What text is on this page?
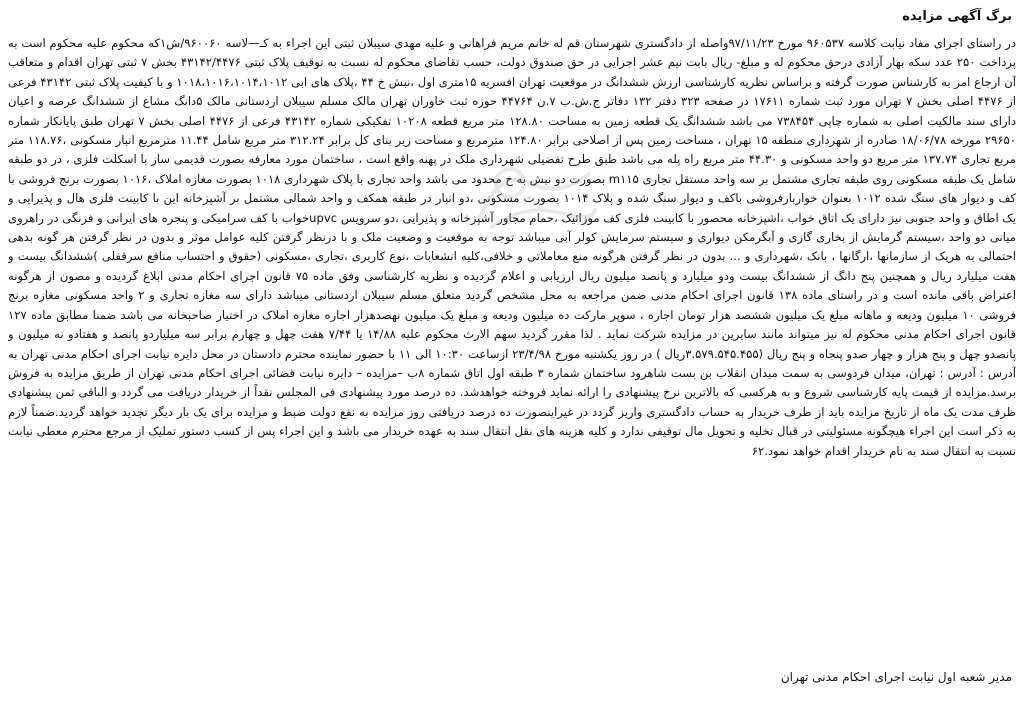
برگ آگهی مزایده

در راستای اجرای مفاد نیابت کلاسه ۹۶۰۵۳۷ مورخ ۹۷/۱۱/۲۳واصله از دادگستری شهرستان قم له خانم مریم فراهانی و علیه مهدی سیبلان ثبتی این اجراء به کـ—لاسه ۹۶۰۰۶۰/ش۱که محکوم علیه محکوم است به پرداخت ۲۵۰ عدد سکه بهار آزادی درحق محکوم له و مبلغ- ریال بابت نیم عشر اجرایی در حق صندوق دولت، حسب تقاضای محکوم له نسبت به توقیف پلاک ثبتی ۴۳۱۴۲/۴۴۷۶ بخش ۷ ثبتی تهران اقدام و متعاقب آن ارجاع امر به کارشناس صورت گرفته و براساس نظریه کارشناسی ارزش ششدانگ در موقعیت تهران افسریه ۱۵متری اول ،نبش خ ۴۴ ،پلاک های ابی ۱۰۱۸،۱۰۱۶،۱۰۱۴،۱۰۱۲ و با کیفیت پلاک ثبتی ۴۳۱۴۲ فرعی از ۴۴۷۶ اصلی بخش ۷ تهران مورد ثبت شماره ۱۷۶۱۱ در صفحه ۳۲۳ دفتر ۱۳۲ دفاتر ج.ش.ب ۷.ن ۴۴۷۶۴ حوزه ثبت خاوران تهران مالک مسلم سیبلان اردستانی مالک ۵دانگ مشاع از ششدانگ عرصه و اعیان دارای سند مالکیت اصلی به شماره چاپی ۷۳۸۴۵۴ می باشد ششدانگ یک قطعه زمین به مساحت ۱۲۸.۸۰ متر مربع قطعه ۱۰۲۰۸ تفکیکی شماره ۴۳۱۴۲ فرعی از ۴۴۷۶ اصلی بخش ۷ تهران طبق پایانکار شماره ۲۹۶۵۰ مورخه ۱۸/۰۶/۷۸ صادره از شهرداری منطقه ۱۵ تهران ، مساحت زمین پس از اصلاحی برابر ۱۲۴.۸۰ مترمربع و مساحت زیر بنای کل برابر ۳۱۲.۲۴ متر مربع شامل ۱۱.۴۴ مترمربع انبار مسکونی ،۱۱۸.۷۶ متر مربع تجاری ۱۳۷.۷۴ متر مربع دو واحد مسکونی و ۴۴.۳۰ متر مربع راه پله می باشد طبق طرح تفضیلی شهرداری ملک در پهنه واقع است ، ساختمان مورد معارفه بصورت قدیمی ساز با اسکلت فلزی ، در دو طبقه شامل یک طبقه مسکونی روی طبقه تجاری مشتمل بر سه واحد مستقل تجاری m۱۱۵ بصورت دو نبش به خ محدود می باشد واحد تجاری با پلاک شهرداری ۱۰۱۸ بصورت مغازه املاک ،۱۰۱۶ بصورت برنج فروشی با کف و دیوار های سنگ شده ۱۰۱۲ بعنوان خواربارفروشی باکف و دیوار سنگ شده و پلاک ۱۰۱۴ بصورت مسکونی ،دو انبار در طبقه همکف و واحد شمالی مشتمل بر آشپزخانه این با کابینت فلزی هال و پذیرایی و یک اطاق و واحد جنوبی نیز دارای یک اتاق خواب ،اشپزخانه محصور با کابینت فلزی کف موزائیک ،حمام مجاور آشپزخانه و پذیرایی ،دو سرویس upvcخواب با کف سرامیکی و پنجره های ایرانی و فرنگی در راهروی میانی دو واحد ،سیستم گرمایش از بخاری گازی و آبگرمکن دیواری و سیستم سرمایش کولر آبی میباشد توجه به موقعیت و وضعیت ملک و با درنظر گرفتن کلیه عوامل موثر و بدون در نظر گرفتن هر گونه بدهی احتمالی به هریک از سازمانها ،ارگانها ، بانک ،شهرداری و ... بدون در نظر گرفتن هرگونه منع معاملاتی و خلافی،کلیه انشعابات ،نوع کاربری ،تجاری ،مسکونی (حقوق و احتساب منافع سرقفلی )ششدانگ بیست و هفت میلیارد ریال و همچنین پنج دانگ از ششدانگ بیست ودو میلیارد و پانصد میلیون ریال ارزیابی و اعلام گردیده و نظریه کارشناسی وفق ماده ۷۵ قانون اجرای احکام مدنی ابلاغ گردیده و مصون از هرگونه اعتراض باقی مانده است و در راستای ماده ۱۳۸ قانون اجرای احکام مدنی ضمن مراجعه به محل مشخص گردید متعلق مسلم سیبلان اردستانی میباشد دارای سه مغازه تجاری و ۲ واحد مسکونی مغازه برنج فروشی ۱۰ میلیون ودیعه و ماهانه مبلغ یک میلیون ششصد هزار تومان اجاره ، سوپر مارکت ده میلیون ودیعه و مبلغ یک میلیون نهصدهزار اجاره مغازه املاک در اختیار صاحبخانه می باشد ضمنا مطابق ماده ۱۲۷ قانون اجرای احکام مدنی محکوم له نیز میتواند مانند سایرین در مزایده شرکت نماید . لذا مقرر گردید سهم الارث محکوم علیه ۱۴/۸۸ یا ۷/۴۴ هفت چهل و چهارم برابر سه میلیاردو پانصد و هفتادو نه میلیون و پانصدو چهل و پنج هزار و چهار صدو پنجاه و پنج ریال (۳.۵۷۹.۵۴۵.۴۵۵ریال ) در روز یکشنبه مورخ ۲۳/۴/۹۸ ازساعت ۱۰:۳۰ الی ۱۱ با حضور نماینده محترم دادستان در محل دایره نیابت اجرای احکام مدنی تهران به آدرس : آدرس : تهران، میدان فردوسی به سمت میدان انقلاب بن بست شاهرود ساختمان شماره ۳ طبقه اول اتاق شماره ۸ب –مزایده – دایره نیابت قضائی اجرای احکام مدنی تهران از طریق مزایده به فروش برسد.مزایده از قیمت پایه کارشناسی شروع و به هرکسی که بالاترین نرخ پیشنهادی را ارائه نماید فروخته خواهدشد. ده درصد مورد پیشنهادی فی المجلس نقداً از خریدار دریافت می گردد و الباقی ثمن پیشنهادی ظرف مدت یک ماه از تاریخ مزایده باید از طرف خریدار به حساب دادگستری واریز گردد در غیراینصورت ده درصد دریافتی روز مزایده به نفع دولت ضبط و مزایده برای یک بار دیگر تجدید خواهد گردید.ضمناً لازم به ذکر است این اجراء هیچگونه مسئولیتی در قبال تخلیه و تحویل مال توقیفی ندارد و کلیه هزینه های نقل انتقال سند به عهده خریدار می باشد و این اجراء پس از کسب دستور تملیک از مرجع محترم معطی نیابت نسبت به انتقال سند به نام خریدار اقدام خواهد نمود.۶۲

مدیر شعبه اول نیابت اجرای احکام مدنی تهران
